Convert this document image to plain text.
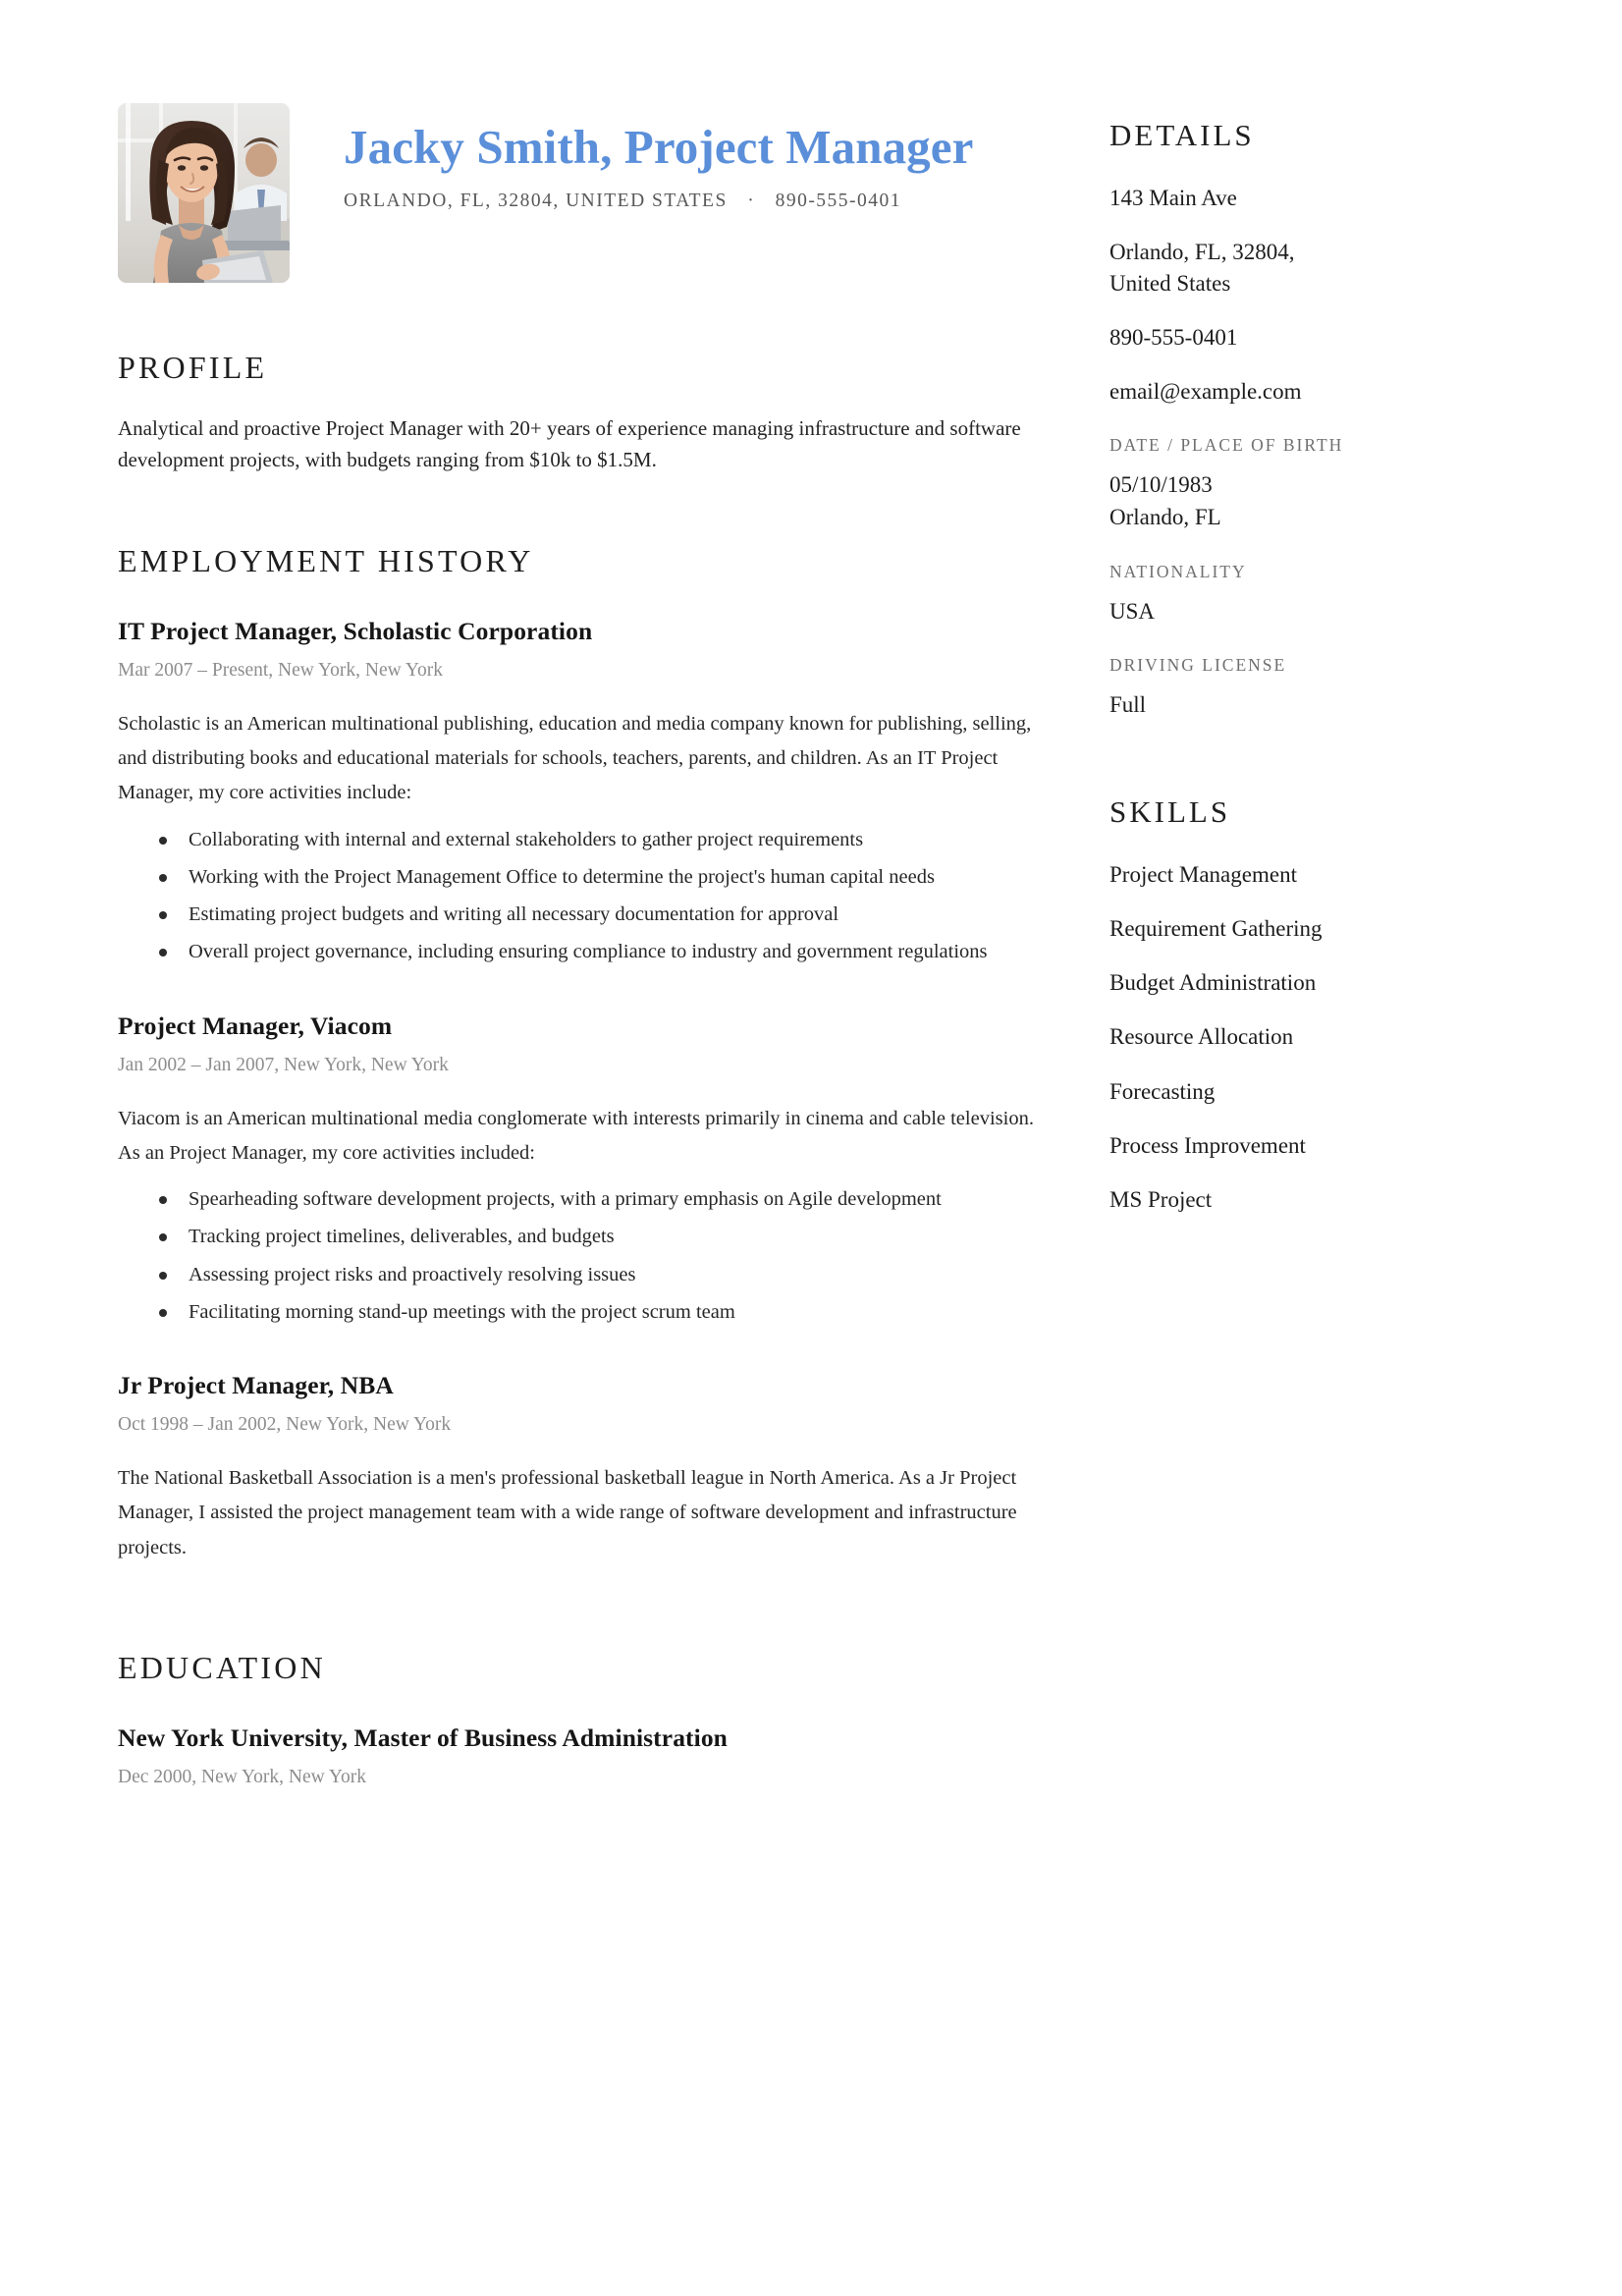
Jacky Smith, Project Manager
ORLANDO, FL, 32804, UNITED STATES · 890-555-0401
PROFILE
Analytical and proactive Project Manager with 20+ years of experience managing infrastructure and software development projects, with budgets ranging from $10k to $1.5M.
EMPLOYMENT HISTORY
IT Project Manager, Scholastic Corporation
Mar 2007 – Present, New York, New York
Scholastic is an American multinational publishing, education and media company known for publishing, selling, and distributing books and educational materials for schools, teachers, parents, and children. As an IT Project Manager, my core activities include:
Collaborating with internal and external stakeholders to gather project requirements
Working with the Project Management Office to determine the project's human capital needs
Estimating project budgets and writing all necessary documentation for approval
Overall project governance, including ensuring compliance to industry and government regulations
Project Manager, Viacom
Jan 2002 – Jan 2007, New York, New York
Viacom is an American multinational media conglomerate with interests primarily in cinema and cable television. As an Project Manager, my core activities included:
Spearheading software development projects, with a primary emphasis on Agile development
Tracking project timelines, deliverables, and budgets
Assessing project risks and proactively resolving issues
Facilitating morning stand-up meetings with the project scrum team
Jr Project Manager, NBA
Oct 1998 – Jan 2002, New York, New York
The National Basketball Association is a men's professional basketball league in North America. As a Jr Project Manager, I assisted the project management team with a wide range of software development and infrastructure projects.
EDUCATION
New York University, Master of Business Administration
Dec 2000, New York, New York
DETAILS
143 Main Ave
Orlando, FL, 32804,
United States
890-555-0401
email@example.com
DATE / PLACE OF BIRTH
05/10/1983
Orlando, FL
NATIONALITY
USA
DRIVING LICENSE
Full
SKILLS
Project Management
Requirement Gathering
Budget Administration
Resource Allocation
Forecasting
Process Improvement
MS Project
